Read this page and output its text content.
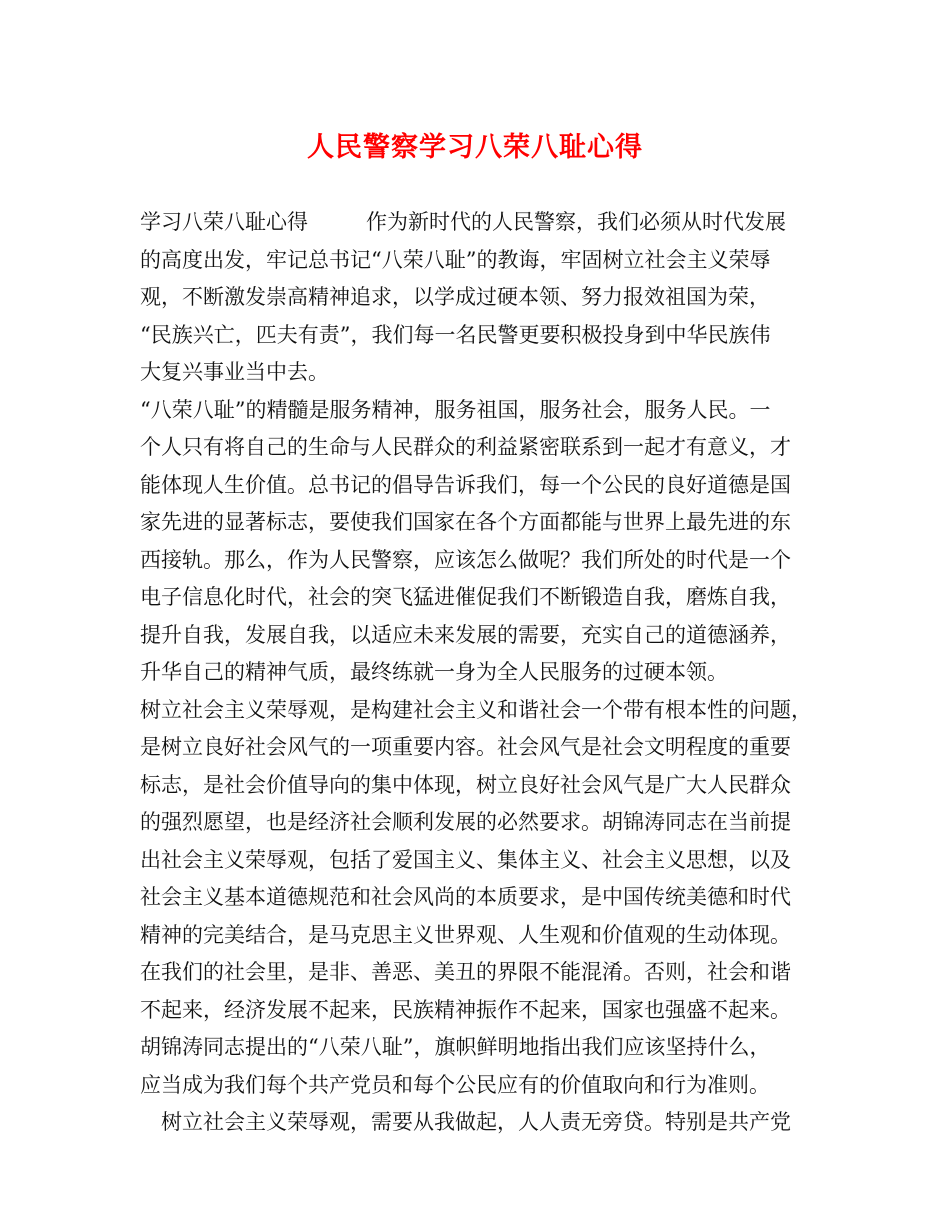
人民警察学习八荣八耻心得
学习八荣八耻心得	作为新时代的人民警察，我们必须从时代发展
的高度出发，牢记总书记“八荣八耻”的教诲，牢固树立社会主义荣辱
观，不断激发崇高精神追求，以学成过硬本领、努力报效祖国为荣，
“民族兴亡，匹夫有责”，我们每一名民警更要积极投身到中华民族伟
大复兴事业当中去。
“八荣八耻”的精髓是服务精神，服务祖国，服务社会，服务人民。一
个人只有将自己的生命与人民群众的利益紧密联系到一起才有意义，才
能体现人生价值。总书记的倡导告诉我们，每一个公民的良好道德是国
家先进的显著标志，要使我们国家在各个方面都能与世界上最先进的东
西接轨。那么，作为人民警察，应该怎么做呢？我们所处的时代是一个
电子信息化时代，社会的突飞猛进催促我们不断锻造自我，磨炼自我，
提升自我，发展自我，以适应未来发展的需要，充实自己的道德涵养，
升华自己的精神气质，最终练就一身为全人民服务的过硬本领。
树立社会主义荣辱观，是构建社会主义和谐社会一个带有根本性的问题，
是树立良好社会风气的一项重要内容。社会风气是社会文明程度的重要
标志，是社会价值导向的集中体现，树立良好社会风气是广大人民群众
的强烈愿望，也是经济社会顺利发展的必然要求。胡锦涛同志在当前提
出社会主义荣辱观，包括了爱国主义、集体主义、社会主义思想，以及
社会主义基本道德规范和社会风尚的本质要求，是中国传统美德和时代
精神的完美结合，是马克思主义世界观、人生观和价值观的生动体现。
在我们的社会里，是非、善恶、美丑的界限不能混淆。否则，社会和谐
不起来，经济发展不起来，民族精神振作不起来，国家也强盛不起来。
胡锦涛同志提出的“八荣八耻”，旗帜鲜明地指出我们应该坚持什么，
应当成为我们每个共产党员和每个公民应有的价值取向和行为准则。
树立社会主义荣辱观，需要从我做起，人人责无旁贷。特别是共产党
